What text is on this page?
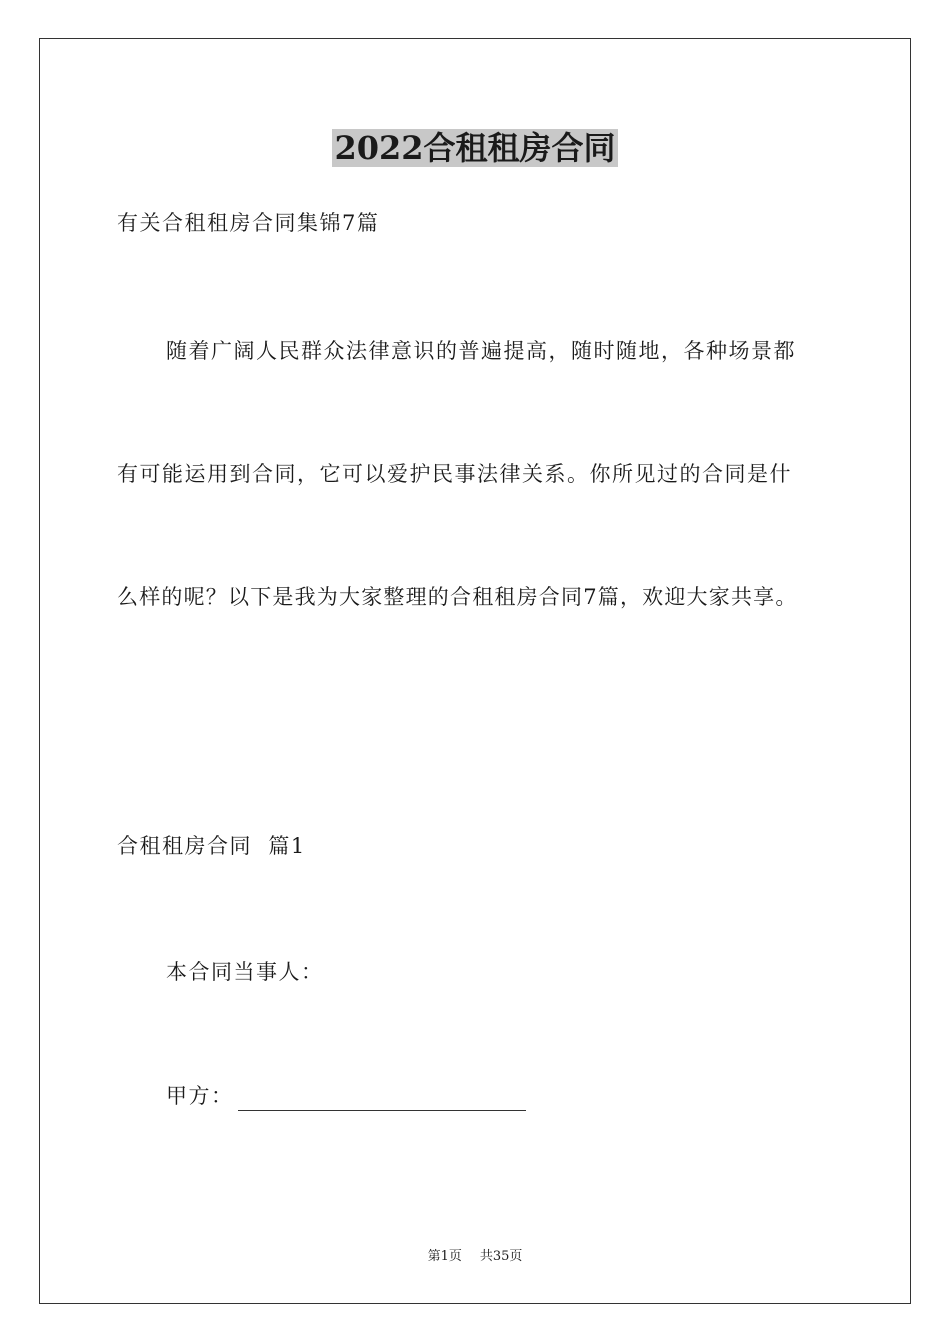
2022合租租房合同
有关合租租房合同集锦7篇
随着广阔人民群众法律意识的普遍提高，随时随地，各种场景都
有可能运用到合同，它可以爱护民事法律关系。你所见过的合同是什
么样的呢？以下是我为大家整理的合租租房合同7篇，欢迎大家共享。
合租租房合同  篇1
本合同当事人：
甲方：
第1页 共35页
